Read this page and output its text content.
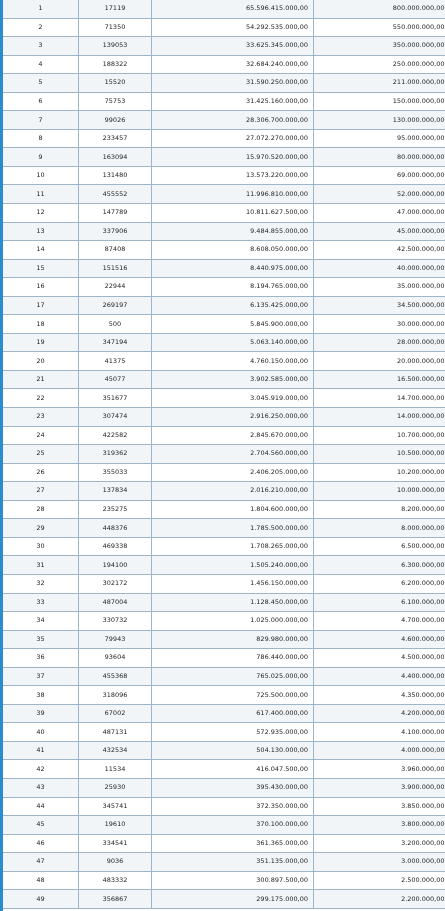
1	17119	65.596.415.000,00	800.000.000,00
2	71350	54.292.535.000,00	550.000.000,00
3	139053	33.625.345.000,00	350.000.000,00
4	188322	32.684.240.000,00	250.000.000,00
5	15520	31.590.250.000,00	211.000.000,00
6	75753	31.425.160.000,00	150.000.000,00
7	99026	28.306.700.000,00	130.000.000,00
8	233457	27.072.270.000,00	95.000.000,00
9	163094	15.970.520.000,00	80.000.000,00
10	131480	13.573.220.000,00	69.000.000,00
11	455552	11.996.810.000,00	52.000.000,00
12	147789	10.811.627.500,00	47.000.000,00
13	337906	9.484.855.000,00	45.000.000,00
14	87408	8.608.050.000,00	42.500.000,00
15	151516	8.440.975.000,00	40.000.000,00
16	22944	8.194.765.000,00	35.000.000,00
17	269197	6.135.425.000,00	34.500.000,00
18	500	5.845.900.000,00	30.000.000,00
19	347194	5.063.140.000,00	28.000.000,00
20	41375	4.760.150.000,00	20.000.000,00
21	45077	3.902.585.000,00	16.500.000,00
22	351677	3.045.919.000,00	14.700.000,00
23	307474	2.916.250.000,00	14.000.000,00
24	422582	2.845.670.000,00	10.700.000,00
25	319362	2.704.560.000,00	10.500.000,00
26	355033	2.406.205.000,00	10.200.000,00
27	137834	2.016.210.000,00	10.000.000,00
28	235275	1.804.600.000,00	8.200.000,00
29	448376	1.785.500.000,00	8.000.000,00
30	469338	1.708.265.000,00	6.500.000,00
31	194100	1.505.240.000,00	6.300.000,00
32	302172	1.456.150.000,00	6.200.000,00
33	487004	1.128.450.000,00	6.100.000,00
34	330732	1.025.000.000,00	4.700.000,00
35	79943	829.980.000,00	4.600.000,00
36	93604	786.440.000,00	4.500.000,00
37	455368	765.025.000,00	4.400.000,00
38	318096	725.500.000,00	4.350.000,00
39	67002	617.400.000,00	4.200.000,00
40	487131	572.935.000,00	4.100.000,00
41	432534	504.130.000,00	4.000.000,00
42	11534	416.047.500,00	3.960.000,00
43	25930	395.430.000,00	3.900.000,00
44	345741	372.350.000,00	3.850.000,00
45	19610	370.100.000,00	3.800.000,00
46	334541	361.365.000,00	3.200.000,00
47	9036	351.135.000,00	3.000.000,00
48	483332	300.897.500,00	2.500.000,00
49	356867	299.175.000,00	2.200.000,00
